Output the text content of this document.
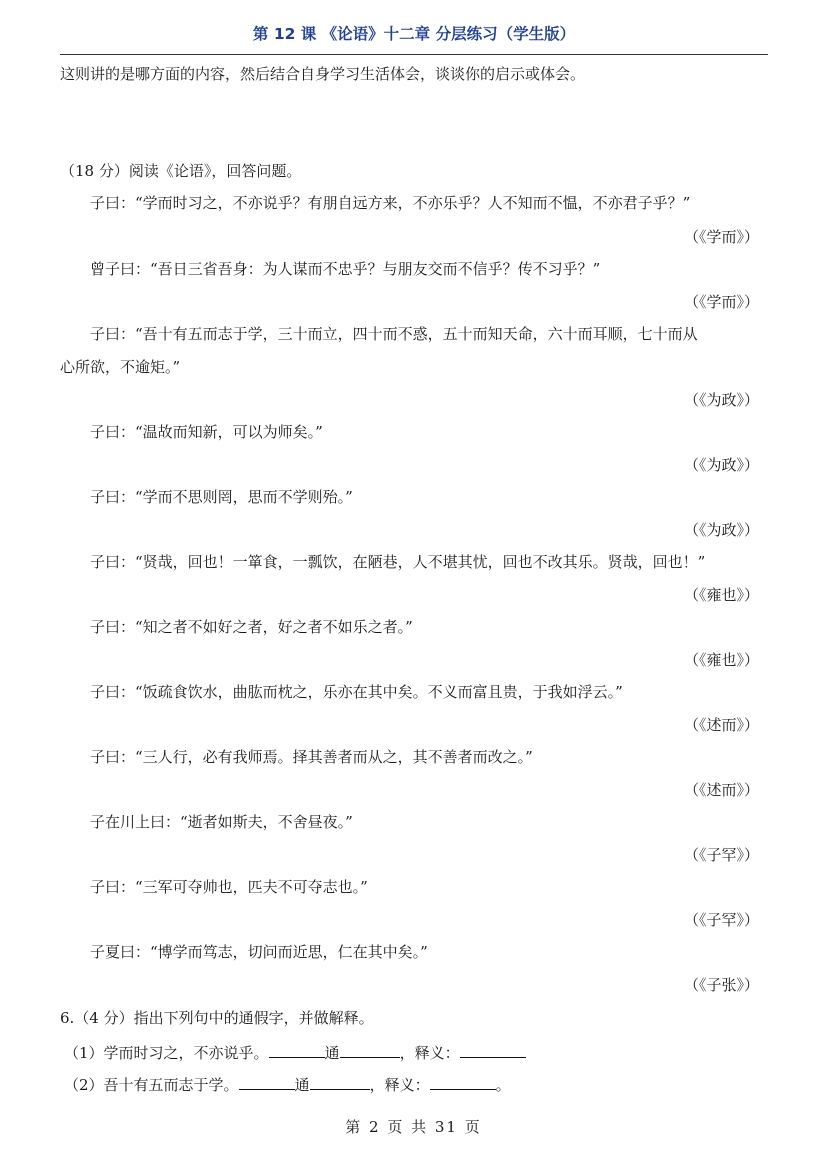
第 12 课 《论语》十二章 分层练习（学生版）
这则讲的是哪方面的内容，然后结合自身学习生活体会，谈谈你的启示或体会。
（18 分）阅读《论语》，回答问题。
子曰：“学而时习之，不亦说乎？有朋自远方来，不亦乐乎？人不知而不愠，不亦君子乎？”
（《学而》）
曾子曰：“吾日三省吾身：为人谋而不忠乎？与朋友交而不信乎？传不习乎？”
（《学而》）
子曰：“吾十有五而志于学，三十而立，四十而不惑，五十而知天命，六十而耳顺，七十而从
心所欲，不逾矩。”
（《为政》）
子曰：“温故而知新，可以为师矣。”
（《为政》）
子曰：“学而不思则罔，思而不学则殆。”
（《为政》）
子曰：“贤哉，回也！一箪食，一瓢饮，在陋巷，人不堪其忧，回也不改其乐。贤哉，回也！”
（《雍也》）
子曰：“知之者不如好之者，好之者不如乐之者。”
（《雍也》）
子曰：“饭疏食饮水，曲肱而枕之，乐亦在其中矣。不义而富且贵，于我如浮云。”
（《述而》）
子曰：“三人行，必有我师焉。择其善者而从之，其不善者而改之。”
（《述而》）
子在川上曰：“逝者如斯夫，不舍昼夜。”
（《子罕》）
子曰：“三军可夺帅也，匹夫不可夺志也。”
（《子罕》）
子夏曰：“博学而笃志，切问而近思，仁在其中矣。”
（《子张》）
6.（4 分）指出下列句中的通假字，并做解释。
（1）学而时习之，不亦说乎。	通	，释义：
（2）吾十有五而志于学。	通	，释义：	。
第 2 页 共 31 页
